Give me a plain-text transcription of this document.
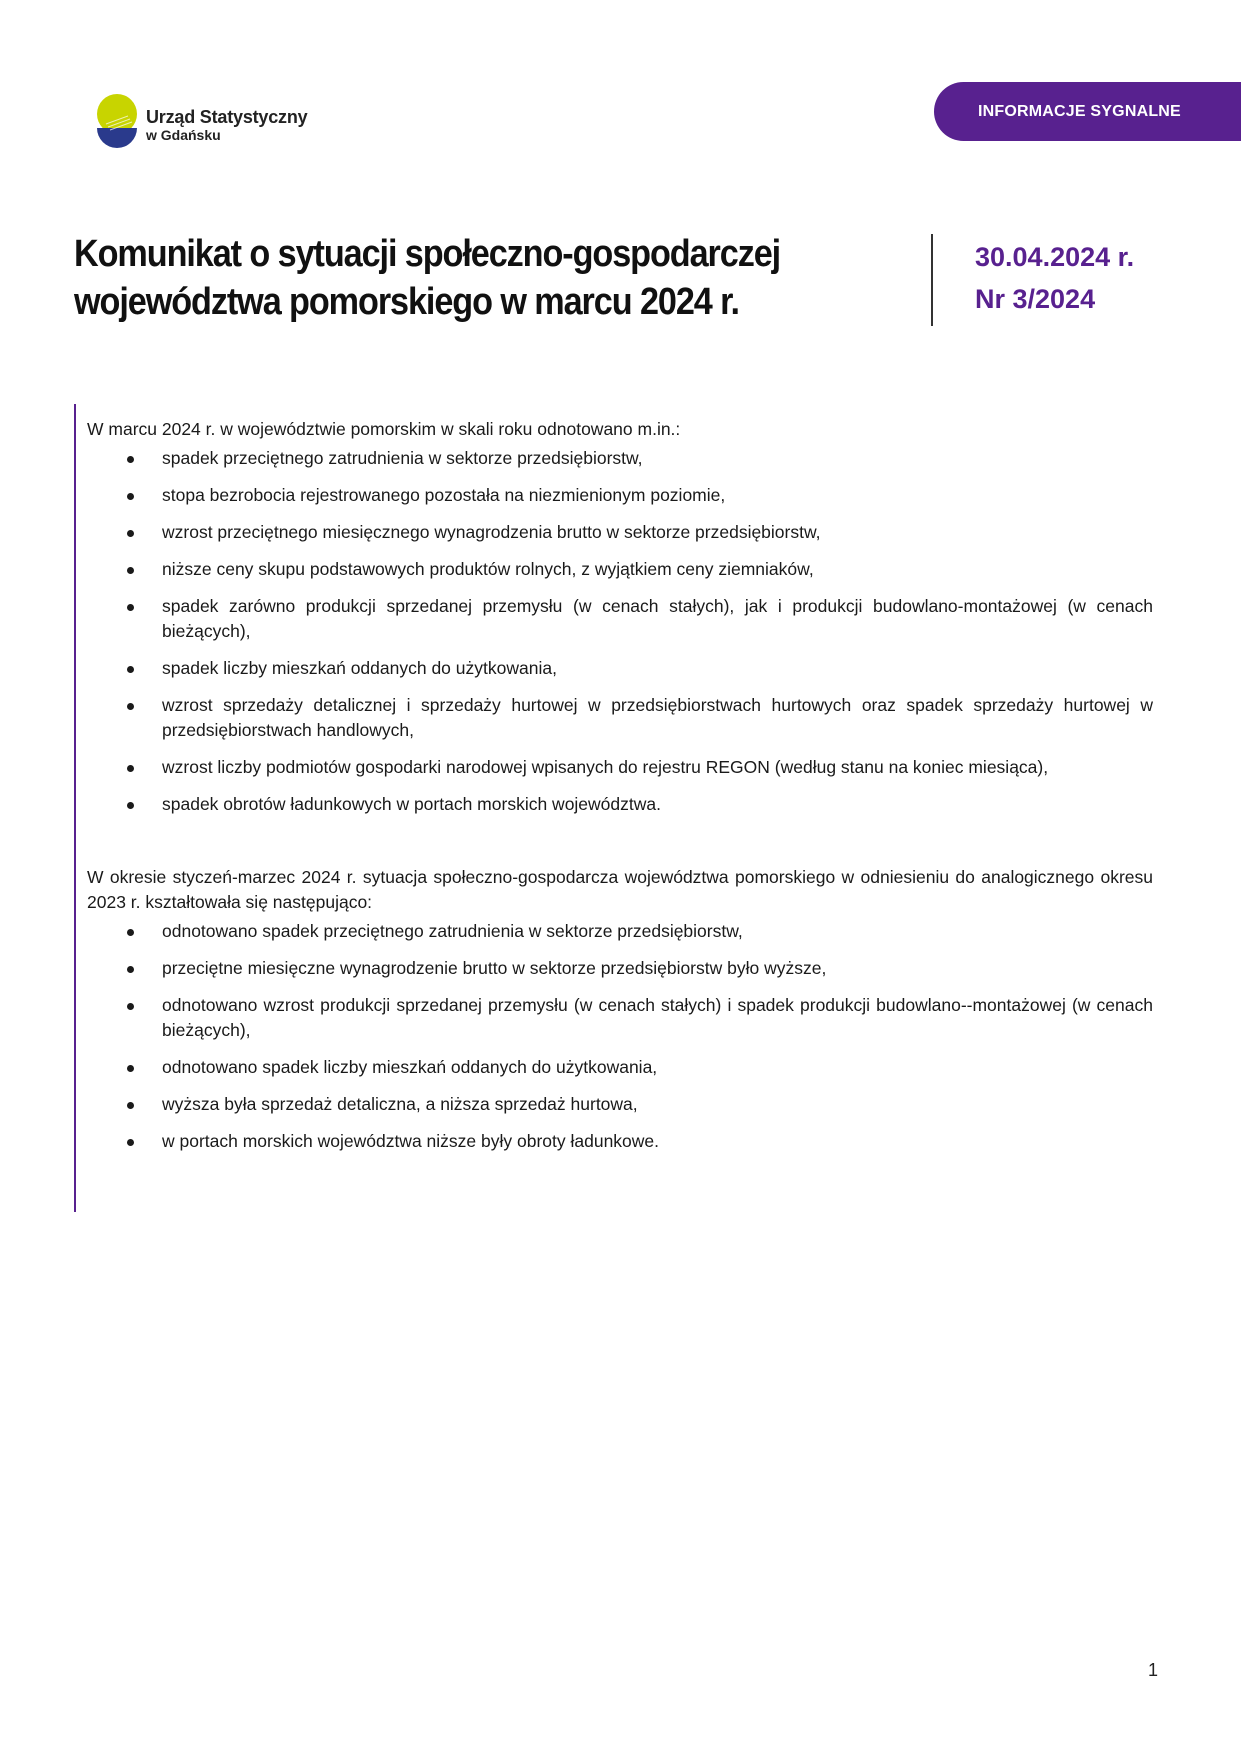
Urząd Statystyczny
w Gdańsku
INFORMACJE SYGNALNE
Komunikat o sytuacji społeczno-gospodarczej
województwa pomorskiego w marcu 2024 r.
30.04.2024 r.
Nr 3/2024

W marcu 2024 r. w województwie pomorskim w skali roku odnotowano m.in.:

spadek przeciętnego zatrudnienia w sektorze przedsiębiorstw,
stopa bezrobocia rejestrowanego pozostała na niezmienionym poziomie,
wzrost przeciętnego miesięcznego wynagrodzenia brutto w sektorze przedsiębiorstw,
niższe ceny skupu podstawowych produktów rolnych, z wyjątkiem ceny ziemniaków,
spadek zarówno produkcji sprzedanej przemysłu (w cenach stałych), jak i produkcji budowlano-montażowej (w cenach bieżących),
spadek liczby mieszkań oddanych do użytkowania,
wzrost sprzedaży detalicznej i sprzedaży hurtowej w przedsiębiorstwach hurtowych oraz spadek sprzedaży hurtowej w przedsiębiorstwach handlowych,
wzrost liczby podmiotów gospodarki narodowej wpisanych do rejestru REGON (według stanu na koniec miesiąca),
spadek obrotów ładunkowych w portach morskich województwa.

W okresie styczeń-marzec 2024 r. sytuacja społeczno-gospodarcza województwa pomorskiego w odniesieniu do analogicznego okresu 2023 r. kształtowała się następująco:

odnotowano spadek przeciętnego zatrudnienia w sektorze przedsiębiorstw,
przeciętne miesięczne wynagrodzenie brutto w sektorze przedsiębiorstw było wyższe,
odnotowano wzrost produkcji sprzedanej przemysłu (w cenach stałych) i spadek produkcji budowlano--montażowej (w cenach bieżących),
odnotowano spadek liczby mieszkań oddanych do użytkowania,
wyższa była sprzedaż detaliczna, a niższa sprzedaż hurtowa,
w portach morskich województwa niższe były obroty ładunkowe.
1
